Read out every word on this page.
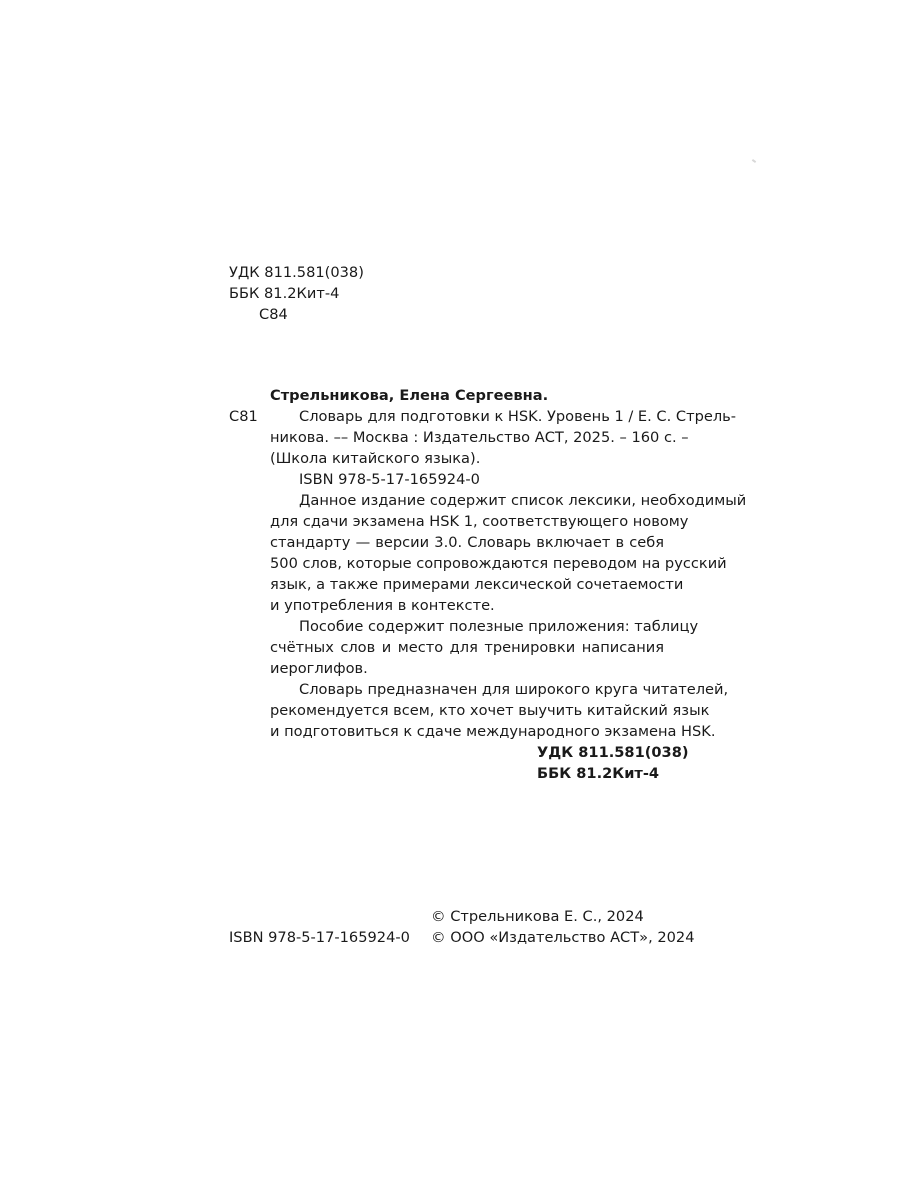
УДК 811.581(038)
ББК 81.2Кит-4
С84
Стрельникова, Елена Сергеевна.
С81	Словарь для подготовки к HSK. Уровень 1 / Е. С. Стрель-
никова. –– Москва : Издательство АСТ, 2025. – 160 с. –
(Школа китайского языка).
ISBN 978-5-17-165924-0
Данное издание содержит список лексики, необходимый
для сдачи экзамена HSK 1, соответствующего новому
стандарту — версии 3.0. Словарь включает в себя
500 слов, которые сопровождаются переводом на русский
язык, а также примерами лексической сочетаемости
и употребления в контексте.
Пособие содержит полезные приложения: таблицу
счётных слов и место для тренировки написания
иероглифов.
Словарь предназначен для широкого круга читателей,
рекомендуется всем, кто хочет выучить китайский язык
и подготовиться к сдаче международного экзамена HSK.
УДК 811.581(038)
ББК 81.2Кит-4
© Стрельникова Е. С., 2024
ISBN 978-5-17-165924-0 © ООО «Издательство АСТ», 2024
